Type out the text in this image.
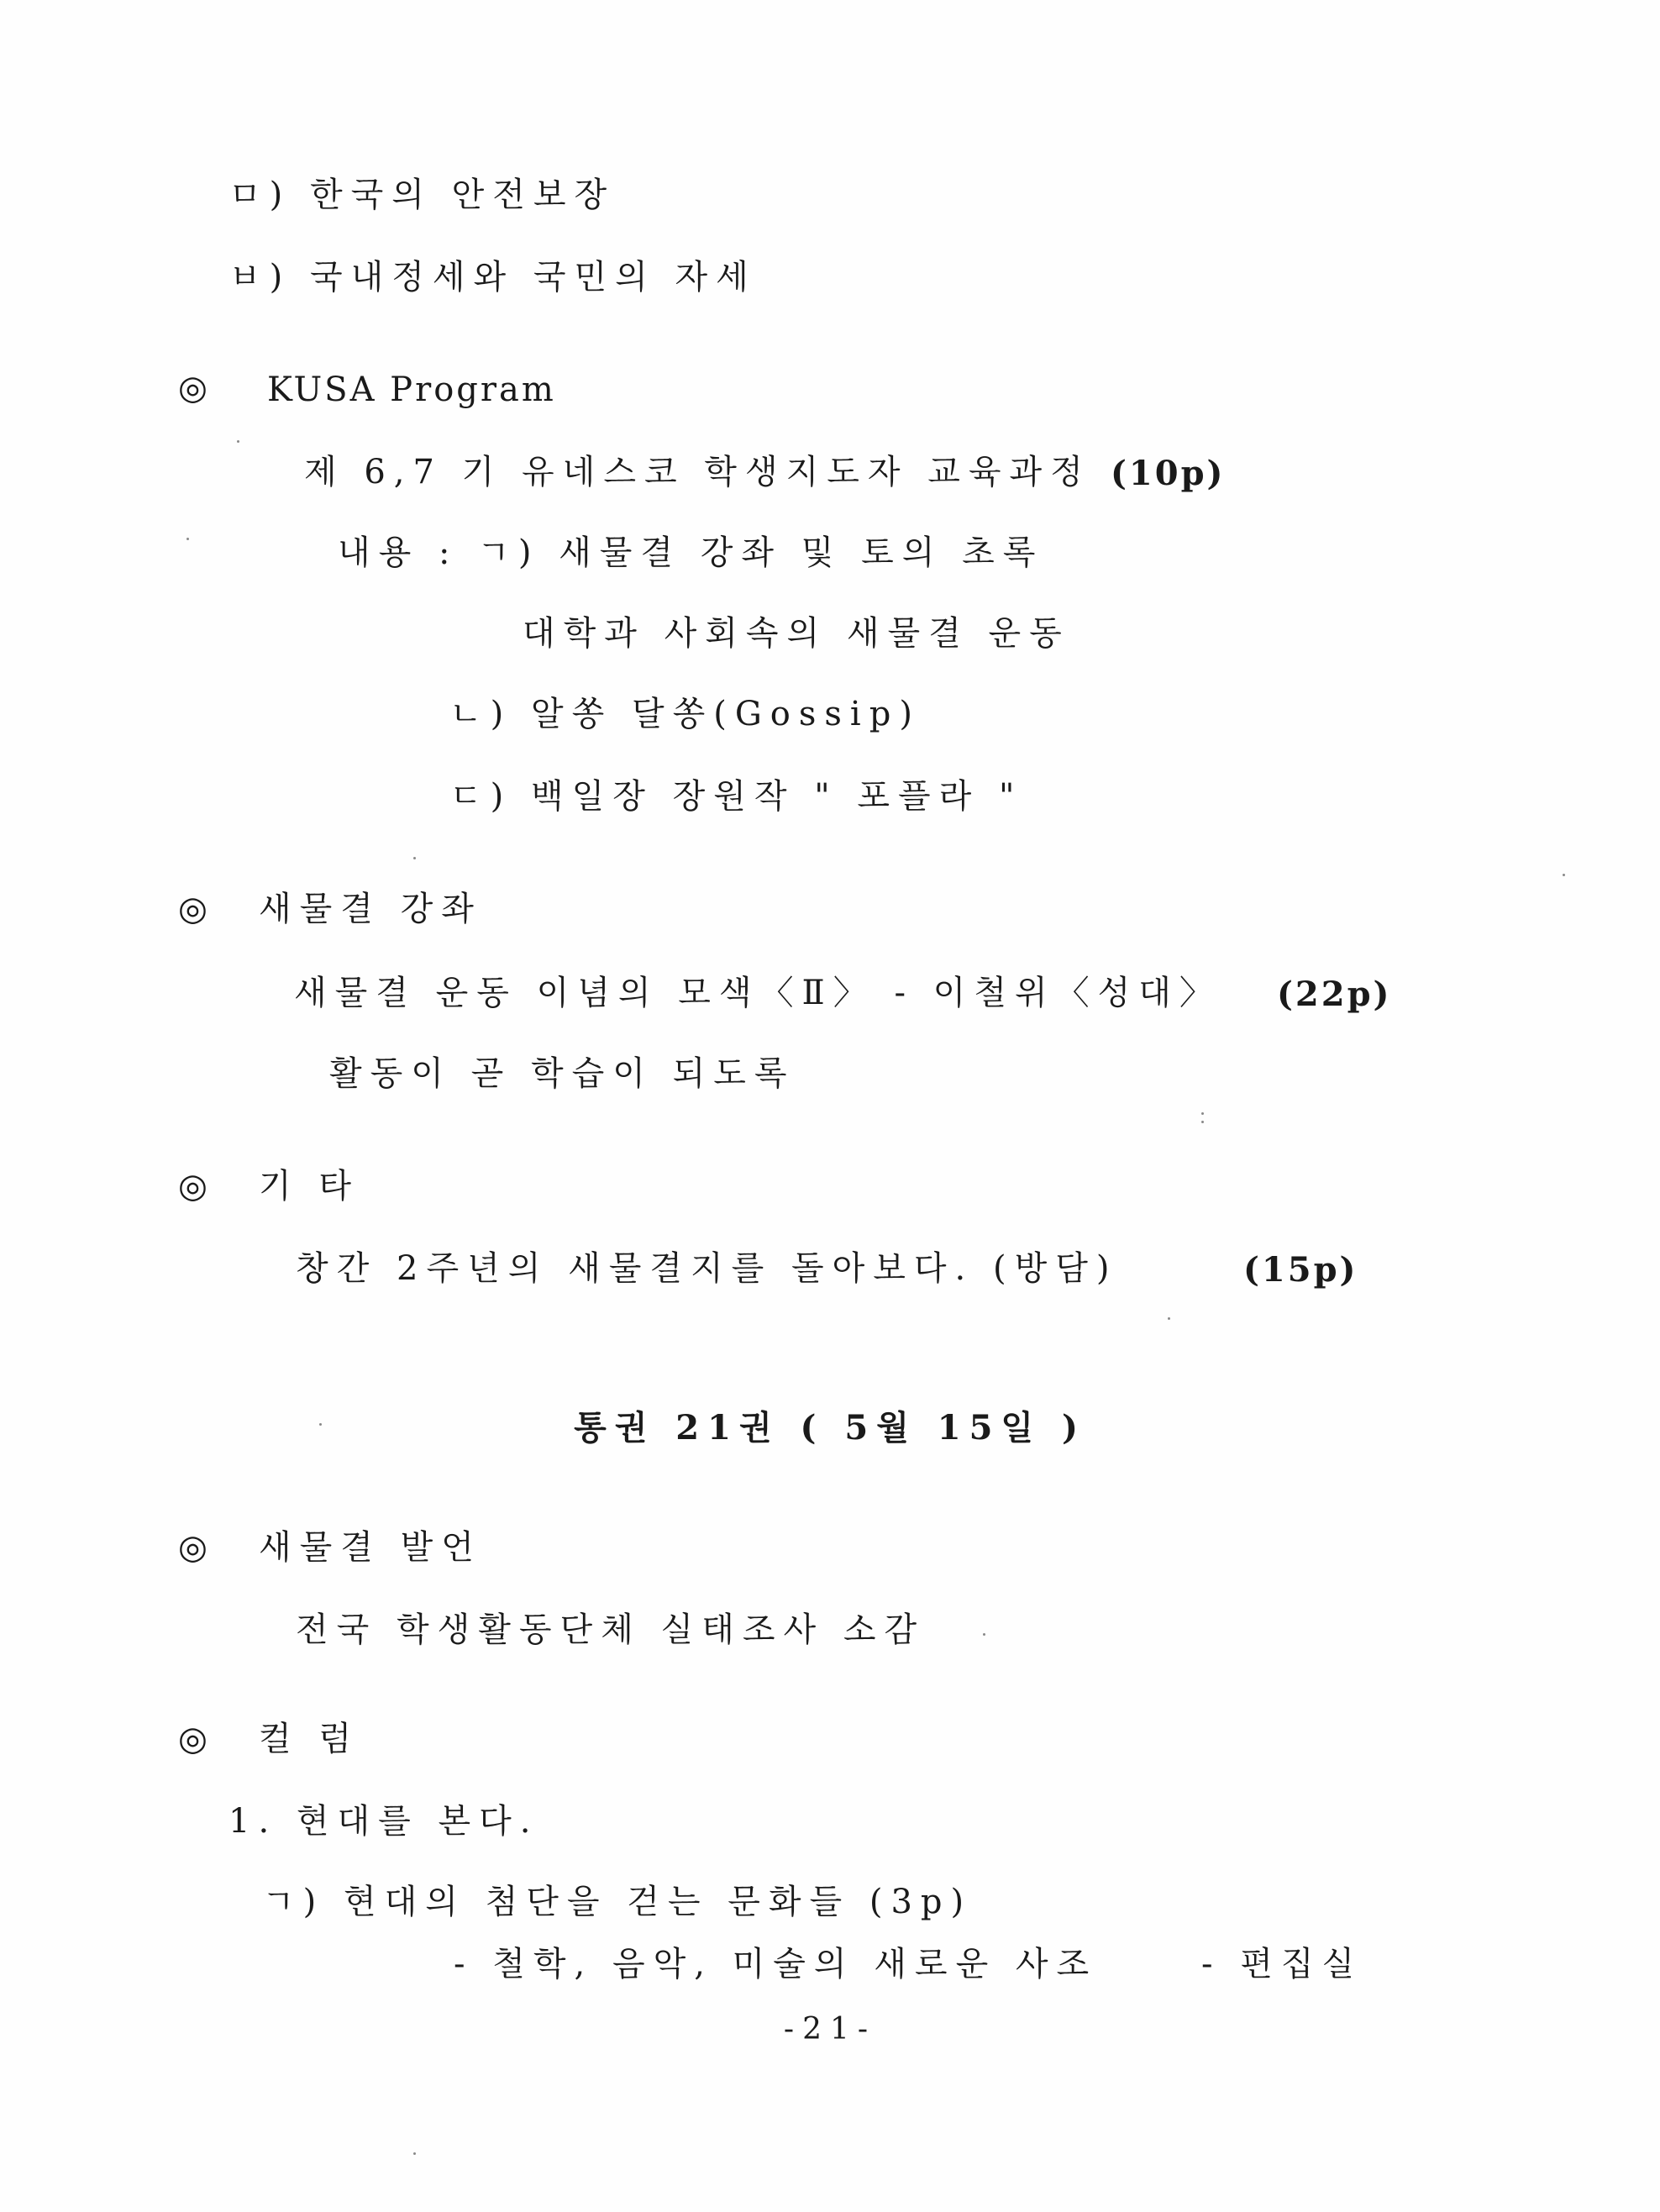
ㅁ) 한국의 안전보장
ㅂ) 국내정세와 국민의 자세
◎ KUSA Program
제 6,7 기 유네스코 학생지도자 교육과정 (10p)
내용 : ㄱ) 새물결 강좌 및 토의 초록
대학과 사회속의 새물결 운동
ㄴ) 알쏭 달쏭(Gossip)
ㄷ) 백일장 장원작 " 포플라 "
◎ 새물결 강좌
새물결 운동 이념의 모색〈Ⅱ〉 - 이철위〈성대〉 (22p)
활동이 곧 학습이 되도록
◎ 기 타
창간 2주년의 새물결지를 돌아보다. (방담)	(15p)
통권 21권 ( 5월 15일 )
◎ 새물결 발언
전국 학생활동단체 실태조사 소감
◎ 컬 럼
1. 현대를 본다.
ㄱ) 현대의 첨단을 걷는 문화들 (3p)
- 철학, 음악, 미술의 새로운 사조	- 편집실
-21-
